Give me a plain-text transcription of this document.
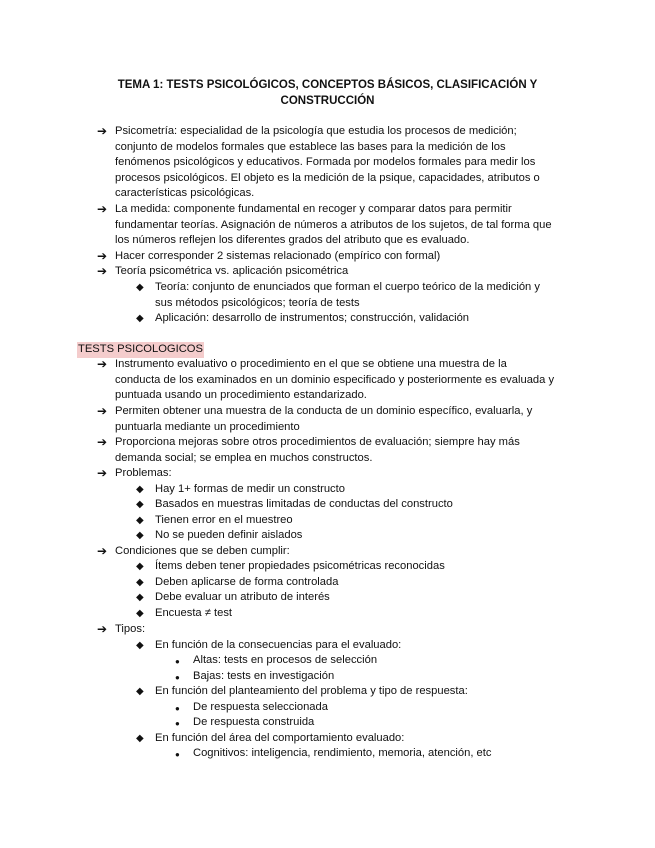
TEMA 1: TESTS PSICOLÓGICOS, CONCEPTOS BÁSICOS, CLASIFICACIÓN Y CONSTRUCCIÓN
➔ Psicometría: especialidad de la psicología que estudia los procesos de medición;
conjunto de modelos formales que establece las bases para la medición de los
fenómenos psicológicos y educativos. Formada por modelos formales para medir los
procesos psicológicos. El objeto es la medición de la psique, capacidades, atributos o
características psicológicas.
➔ La medida: componente fundamental en recoger y comparar datos para permitir
fundamentar teorías. Asignación de números a atributos de los sujetos, de tal forma que
los números reflejen los diferentes grados del atributo que es evaluado.
➔ Hacer corresponder 2 sistemas relacionado (empírico con formal)
➔ Teoría psicométrica vs. aplicación psicométrica
◆ Teoría: conjunto de enunciados que forman el cuerpo teórico de la medición y
sus métodos psicológicos; teoría de tests
◆ Aplicación: desarrollo de instrumentos; construcción, validación
TESTS PSICOLOGICOS
➔ Instrumento evaluativo o procedimiento en el que se obtiene una muestra de la
conducta de los examinados en un dominio especificado y posteriormente es evaluada y
puntuada usando un procedimiento estandarizado.
➔ Permiten obtener una muestra de la conducta de un dominio específico, evaluarla, y
puntuarla mediante un procedimiento
➔ Proporciona mejoras sobre otros procedimientos de evaluación; siempre hay más
demanda social; se emplea en muchos constructos.
➔ Problemas:
◆ Hay 1+ formas de medir un constructo
◆ Basados en muestras limitadas de conductas del constructo
◆ Tienen error en el muestreo
◆ No se pueden definir aislados
➔ Condiciones que se deben cumplir:
◆ Ítems deben tener propiedades psicométricas reconocidas
◆ Deben aplicarse de forma controlada
◆ Debe evaluar un atributo de interés
◆ Encuesta ≠ test
➔ Tipos:
◆ En función de la consecuencias para el evaluado:
● Altas: tests en procesos de selección
● Bajas: tests en investigación
◆ En función del planteamiento del problema y tipo de respuesta:
● De respuesta seleccionada
● De respuesta construida
◆ En función del área del comportamiento evaluado:
● Cognitivos: inteligencia, rendimiento, memoria, atención, etc
